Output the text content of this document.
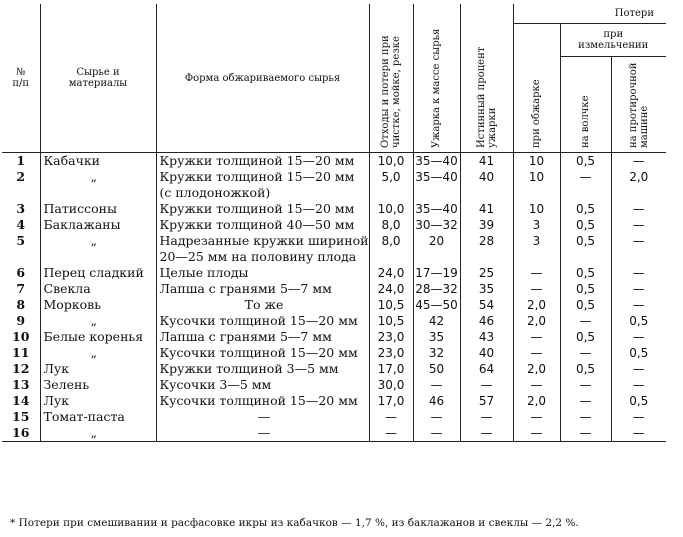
№ п/п	Сырье и материалы	Форма обжариваемого сырья	Отходы и потери при чистке, мойке, резке	Ужарка к массе сырья	Истинный процент ужарки	Потери		

						при обжарке	при измельчении	

							на волчке	на протирочной машине

1	Кабачки	Кружки толщиной 15—20 мм	10,0	35—40	41	10	0,5	—
2	„	Кружки толщиной 15—20 мм (с плодоножкой)	5,0	35—40	40	10	—	2,0
3	Патиссоны	Кружки толщиной 15—20 мм	10,0	35—40	41	10	0,5	—
4	Баклажаны	Кружки толщиной 40—50 мм	8,0	30—32	39	3	0,5	—
5	„	Надрезанные кружки шириной 20—25 мм на половину плода	8,0	20	28	3	0,5	—
6	Перец сладкий	Целые плоды	24,0	17—19	25	—	0,5	—
7	Свекла	Лапша с гранями 5—7 мм	24,0	28—32	35	—	0,5	—
8	Морковь	То же	10,5	45—50	54	2,0	0,5	—
9	„	Кусочки толщиной 15—20 мм	10,5	42	46	2,0	—	0,5
10	Белые коренья	Лапша с гранями 5—7 мм	23,0	35	43	—	0,5	—
11	„	Кусочки толщиной 15—20 мм	23,0	32	40	—	—	0,5
12	Лук	Кружки толщиной 3—5 мм	17,0	50	64	2,0	0,5	—
13	Зелень	Кусочки 3—5 мм	30,0	—	—	—	—	—
14	Лук	Кусочки толщиной 15—20 мм	17,0	46	57	2,0	—	0,5
15	Томат-паста	—	—	—	—	—	—	—
16	„	—	—	—	—	—	—	—
* Потери при смешивании и расфасовке икры из кабачков — 1,7 %, из баклажанов и свеклы — 2,2 %.
